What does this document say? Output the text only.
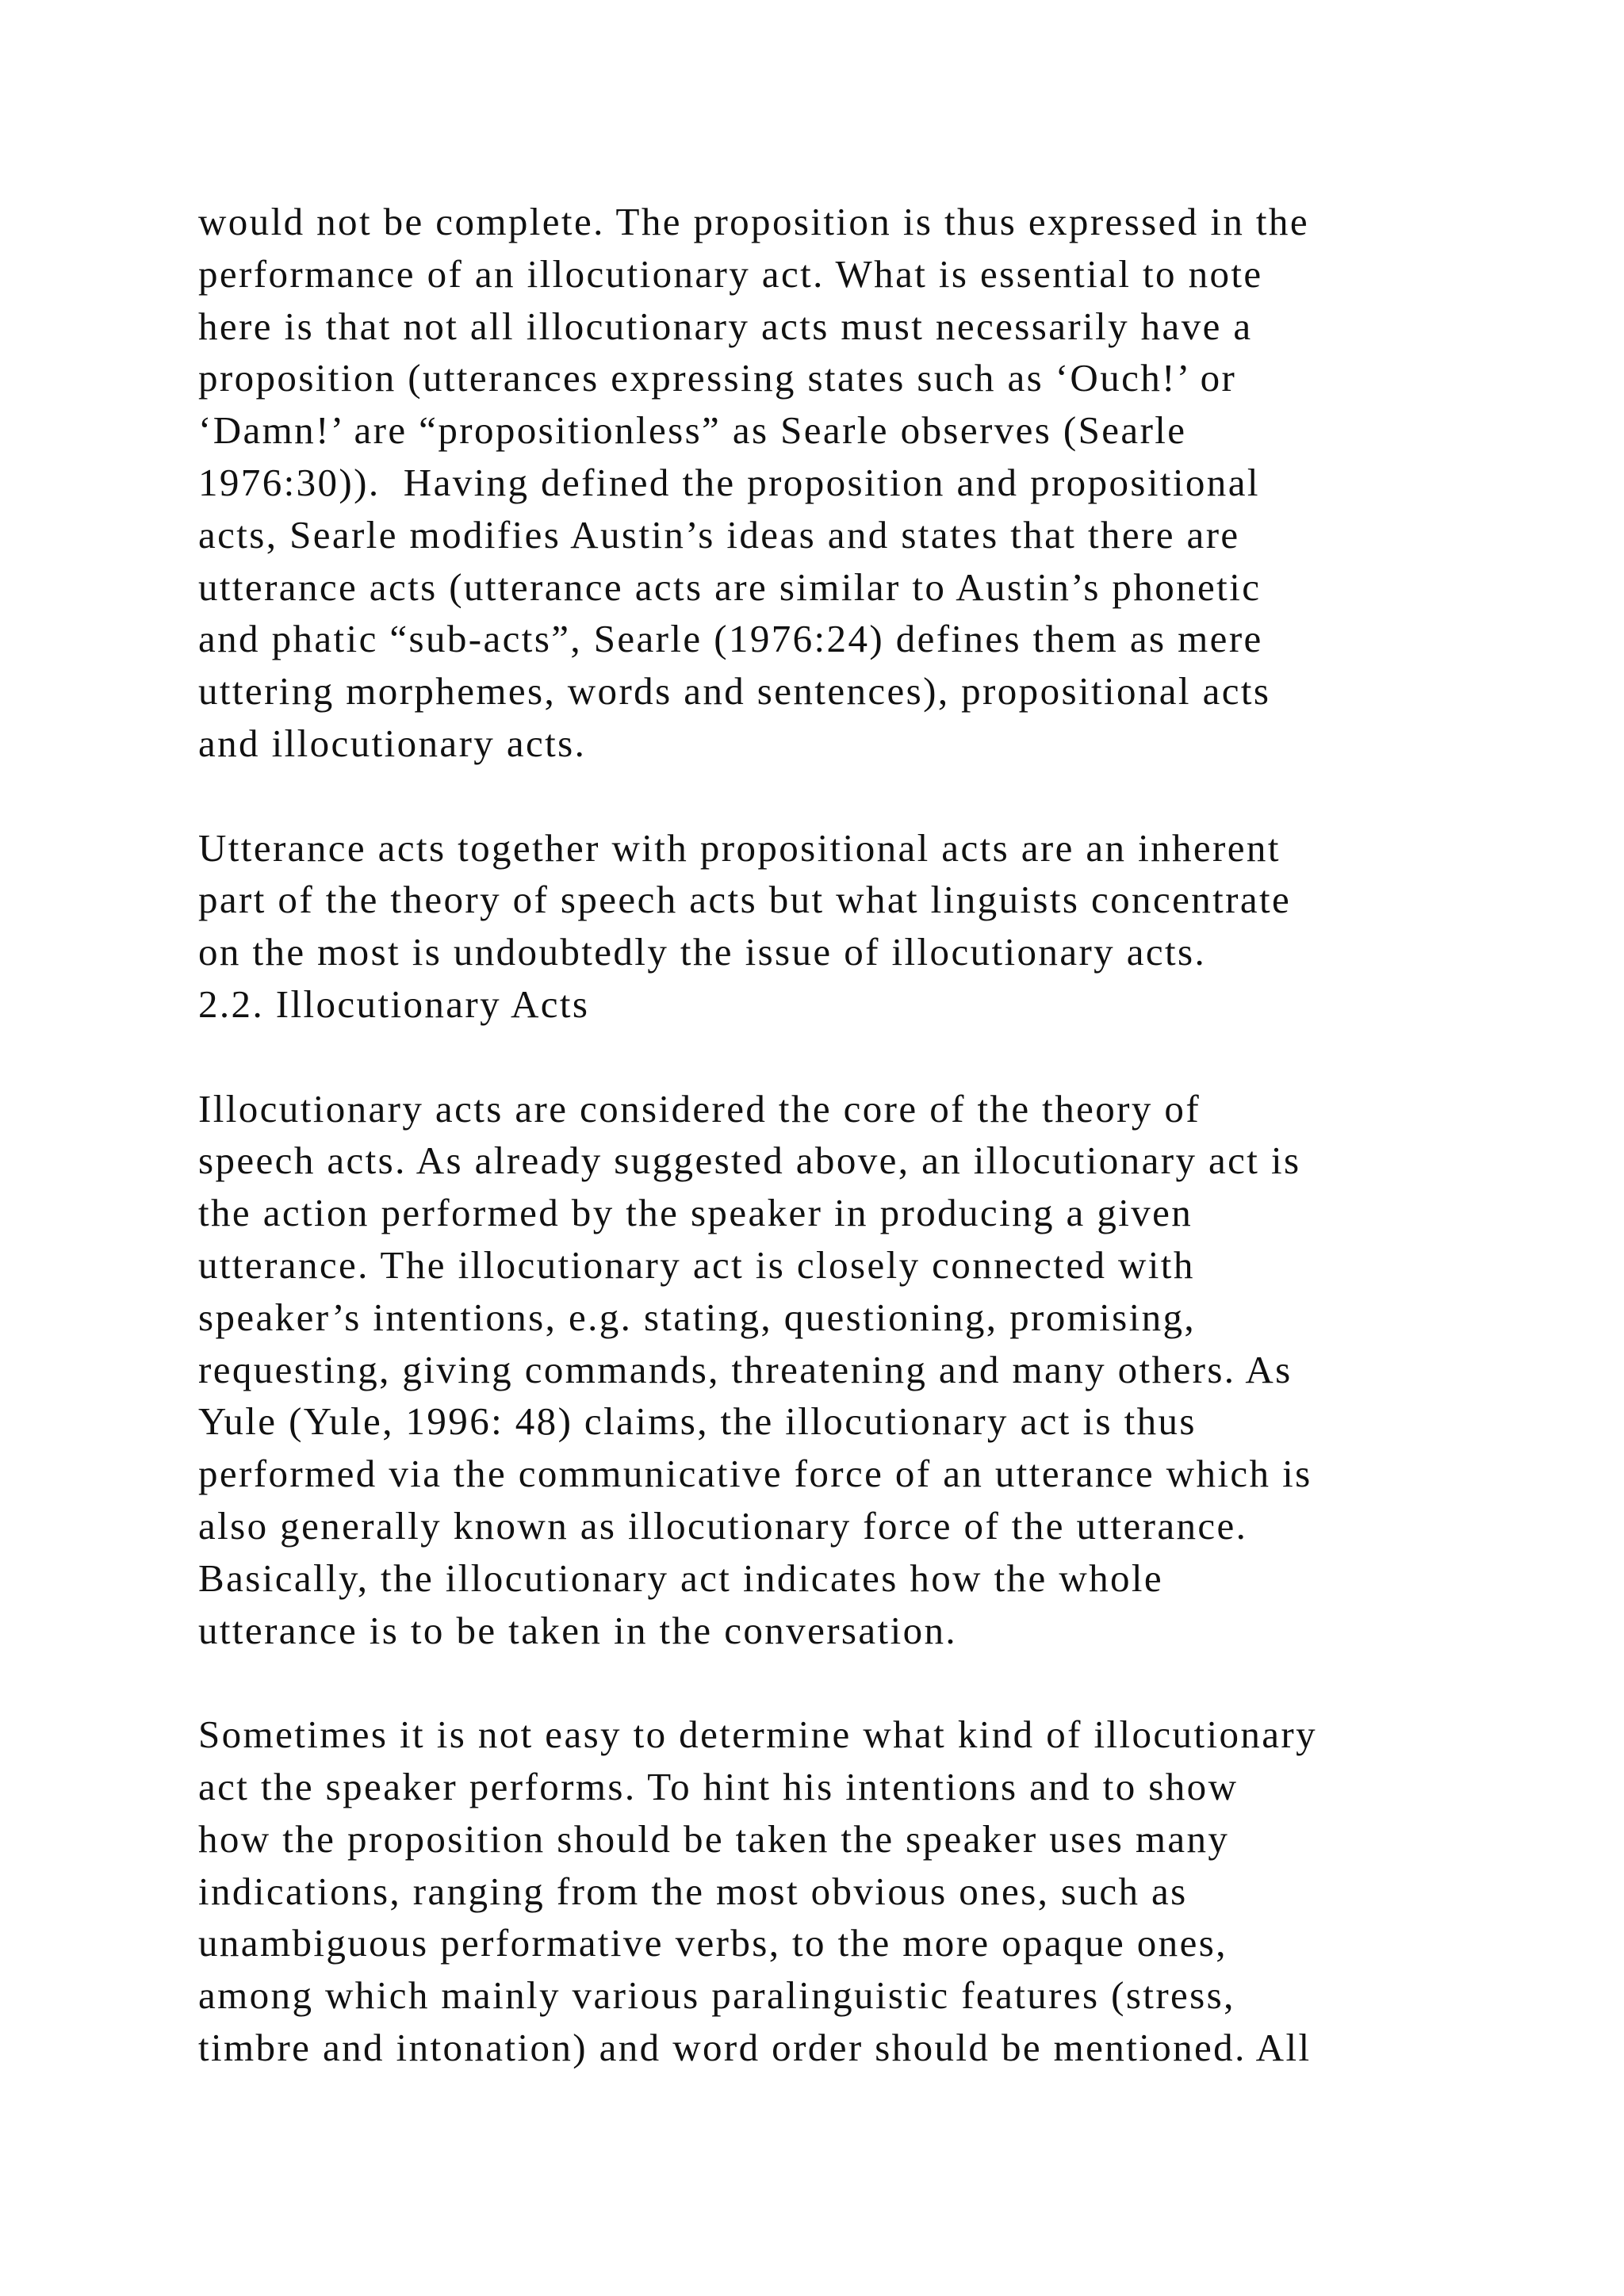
would not be complete. The proposition is thus expressed in the
performance of an illocutionary act. What is essential to note
here is that not all illocutionary acts must necessarily have a
proposition (utterances expressing states such as ‘Ouch!’ or
‘Damn!’ are “propositionless” as Searle observes (Searle
1976:30)).  Having defined the proposition and propositional
acts, Searle modifies Austin’s ideas and states that there are
utterance acts (utterance acts are similar to Austin’s phonetic
and phatic “sub-acts”, Searle (1976:24) defines them as mere
uttering morphemes, words and sentences), propositional acts
and illocutionary acts.
Utterance acts together with propositional acts are an inherent
part of the theory of speech acts but what linguists concentrate
on the most is undoubtedly the issue of illocutionary acts.
2.2. Illocutionary Acts
Illocutionary acts are considered the core of the theory of
speech acts. As already suggested above, an illocutionary act is
the action performed by the speaker in producing a given
utterance. The illocutionary act is closely connected with
speaker’s intentions, e.g. stating, questioning, promising,
requesting, giving commands, threatening and many others. As
Yule (Yule, 1996: 48) claims, the illocutionary act is thus
performed via the communicative force of an utterance which is
also generally known as illocutionary force of the utterance.
Basically, the illocutionary act indicates how the whole
utterance is to be taken in the conversation.
Sometimes it is not easy to determine what kind of illocutionary
act the speaker performs. To hint his intentions and to show
how the proposition should be taken the speaker uses many
indications, ranging from the most obvious ones, such as
unambiguous performative verbs, to the more opaque ones,
among which mainly various paralinguistic features (stress,
timbre and intonation) and word order should be mentioned. All
